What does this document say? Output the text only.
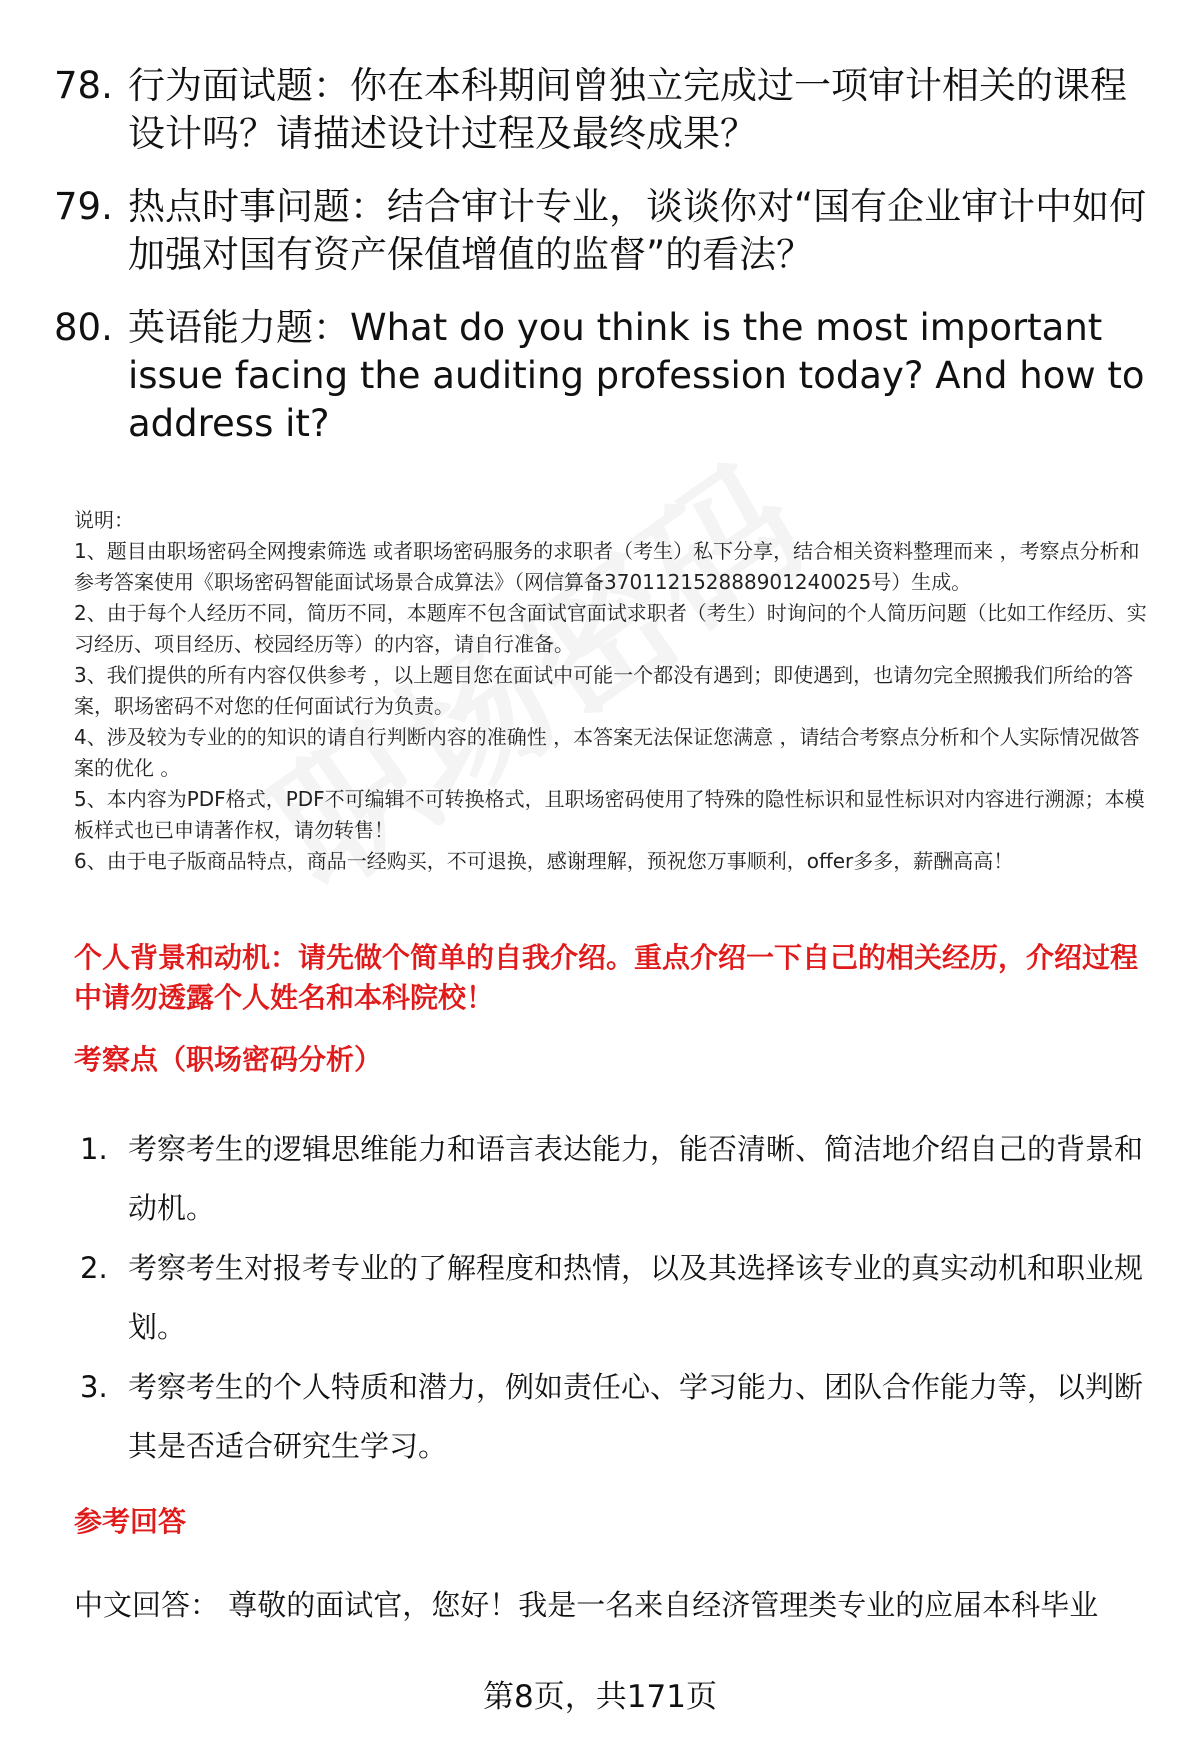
78. 行为面试题：你在本科期间曾独立完成过一项审计相关的课程设计吗？请描述设计过程及最终成果？
79. 热点时事问题：结合审计专业，谈谈你对“国有企业审计中如何加强对国有资产保值增值的监督”的看法？
80. 英语能力题：What do you think is the most important issue facing the auditing profession today? And how to address it?

说明：

1、题目由职场密码全网搜索筛选 或者职场密码服务的求职者（考生）私下分享，结合相关资料整理而来 ，考察点分析和参考答案使用《职场密码智能面试场景合成算法》（网信算备370112152888901240025号）生成。

2、由于每个人经历不同，简历不同，本题库不包含面试官面试求职者（考生）时询问的个人简历问题（比如工作经历、实习经历、项目经历、校园经历等）的内容，请自行准备。

3、我们提供的所有内容仅供参考 ，以上题目您在面试中可能一个都没有遇到；即使遇到，也请勿完全照搬我们所给的答案，职场密码不对您的任何面试行为负责。

4、涉及较为专业的的知识的请自行判断内容的准确性 ，本答案无法保证您满意 ，请结合考察点分析和个人实际情况做答案的优化 。

5、本内容为PDF格式，PDF不可编辑不可转换格式，且职场密码使用了特殊的隐性标识和显性标识对内容进行溯源；本模板样式也已申请著作权，请勿转售！

6、由于电子版商品特点，商品一经购买，不可退换，感谢理解，预祝您万事顺利，offer多多，薪酬高高！

个人背景和动机：请先做个简单的自我介绍。重点介绍一下自己的相关经历，介绍过程中请勿透露个人姓名和本科院校！
考察点（职场密码分析）
1. 考察考生的逻辑思维能力和语言表达能力，能否清晰、简洁地介绍自己的背景和动机。
2. 考察考生对报考专业的了解程度和热情，以及其选择该专业的真实动机和职业规划。
3. 考察考生的个人特质和潜力，例如责任心、学习能力、团队合作能力等，以判断其是否适合研究生学习。
参考回答
中文回答： 尊敬的面试官，您好！我是一名来自经济管理类专业的应届本科毕业
第8页，共171页
